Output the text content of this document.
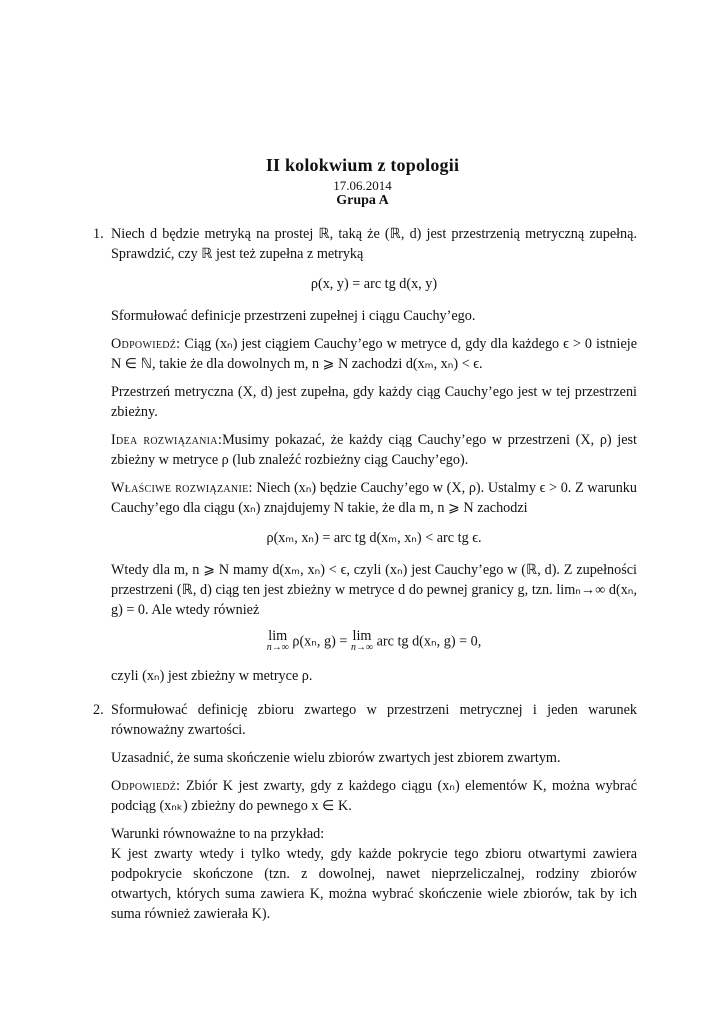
II kolokwium z topologii
17.06.2014
Grupa A
1. Niech d będzie metryką na prostej ℝ, taką że (ℝ, d) jest przestrzenią metryczną zupełną. Sprawdzić, czy ℝ jest też zupełna z metryką

ρ(x, y) = arc tg d(x, y)

Sformułować definicje przestrzeni zupełnej i ciągu Cauchy’ego.

Odpowiedź: Ciąg (xₙ) jest ciągiem Cauchy’ego w metryce d, gdy dla każdego ϵ > 0 istnieje N ∈ ℕ, takie że dla dowolnych m, n ⩾ N zachodzi d(xₘ, xₙ) < ϵ.

Przestrzeń metryczna (X, d) jest zupełna, gdy każdy ciąg Cauchy’ego jest w tej przestrzeni zbieżny.

Idea rozwiązania:Musimy pokazać, że każdy ciąg Cauchy’ego w przestrzeni (X, ρ) jest zbieżny w metryce ρ (lub znaleźć rozbieżny ciąg Cauchy’ego).

Właściwe rozwiązanie: Niech (xₙ) będzie Cauchy’ego w (X, ρ). Ustalmy ϵ > 0. Z warunku Cauchy’ego dla ciągu (xₙ) znajdujemy N takie, że dla m, n ⩾ N zachodzi

ρ(xₘ, xₙ) = arc tg d(xₘ, xₙ) < arc tg ϵ.

Wtedy dla m, n ⩾ N mamy d(xₘ, xₙ) < ϵ, czyli (xₙ) jest Cauchy’ego w (ℝ, d). Z zupełności przestrzeni (ℝ, d) ciąg ten jest zbieżny w metryce d do pewnej granicy g, tzn. limₙ→∞ d(xₙ, g) = 0. Ale wtedy również

lim
n→∞ ρ(xₙ, g) = lim
n→∞ arc tg d(xₙ, g) = 0,

czyli (xₙ) jest zbieżny w metryce ρ.

2. Sformułować definicję zbioru zwartego w przestrzeni metrycznej i jeden warunek równoważny zwartości.

Uzasadnić, że suma skończenie wielu zbiorów zwartych jest zbiorem zwartym.

Odpowiedź: Zbiór K jest zwarty, gdy z każdego ciągu (xₙ) elementów K, można wybrać podciąg (xₙₖ) zbieżny do pewnego x ∈ K.

Warunki równoważne to na przykład:

K jest zwarty wtedy i tylko wtedy, gdy każde pokrycie tego zbioru otwartymi zawiera podpokrycie skończone (tzn. z dowolnej, nawet nieprzeliczalnej, rodziny zbiorów otwartych, których suma zawiera K, można wybrać skończenie wiele zbiorów, tak by ich suma również zawierała K).
